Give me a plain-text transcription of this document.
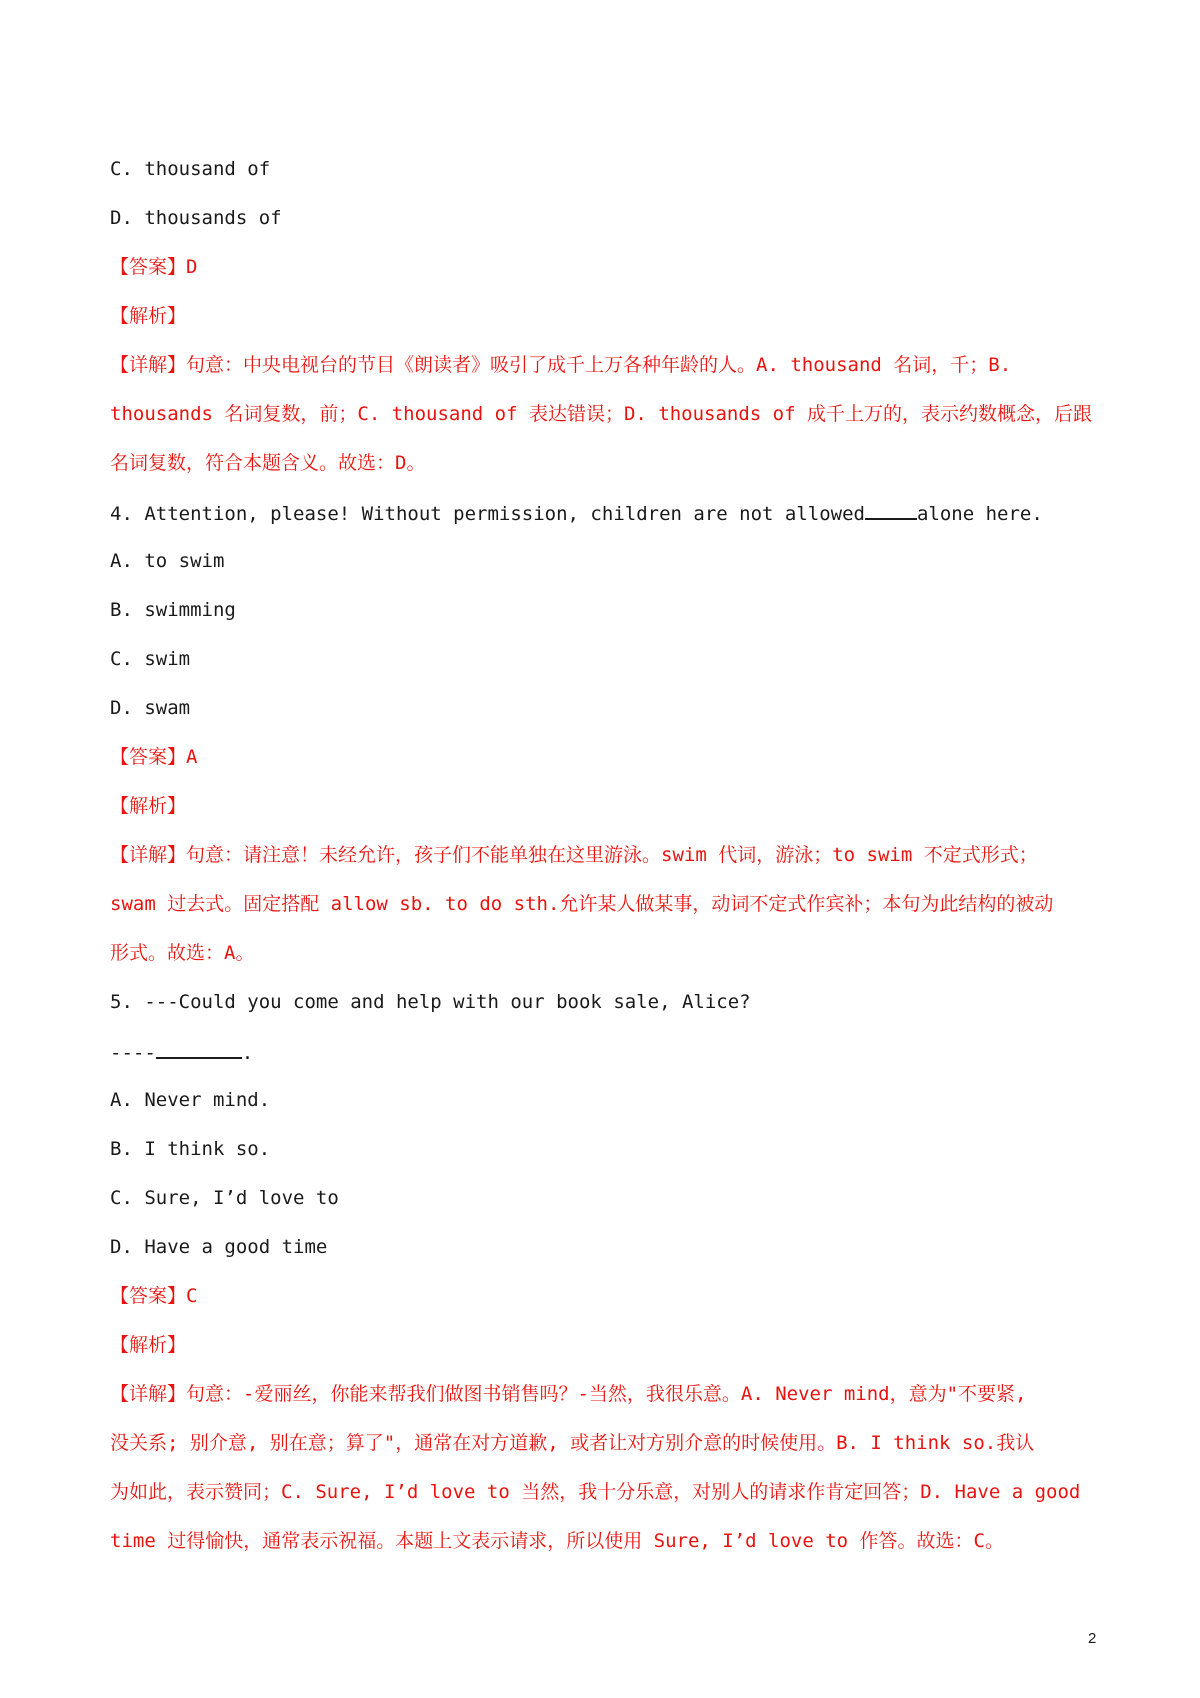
C. thousand of
D. thousands of
【答案】D
【解析】
【详解】句意：中央电视台的节目《朗读者》吸引了成千上万各种年龄的人。A. thousand 名词，千；B.
thousands 名词复数，前；C. thousand of 表达错误；D. thousands of 成千上万的，表示约数概念，后跟
名词复数，符合本题含义。故选：D。
4. Attention, please! Without permission, children are not allowed	alone here.
A. to swim
B. swimming
C. swim
D. swam
【答案】A
【解析】
【详解】句意：请注意！未经允许，孩子们不能单独在这里游泳。swim 代词，游泳；to swim 不定式形式；
swam 过去式。固定搭配 allow sb. to do sth.允许某人做某事，动词不定式作宾补；本句为此结构的被动
形式。故选：A。
5. ---Could you come and help with our book sale, Alice?
----	.
A. Never mind.
B. I think so.
C. Sure, I’d love to
D. Have a good time
【答案】C
【解析】
【详解】句意：-爱丽丝，你能来帮我们做图书销售吗？-当然，我很乐意。A. Never mind，意为"不要紧,
没关系; 别介意, 别在意；算了"，通常在对方道歉, 或者让对方别介意的时候使用。B. I think so.我认
为如此，表示赞同；C. Sure, I’d love to 当然，我十分乐意，对别人的请求作肯定回答；D. Have a good
time 过得愉快，通常表示祝福。本题上文表示请求，所以使用 Sure, I’d love to 作答。故选：C。
2
